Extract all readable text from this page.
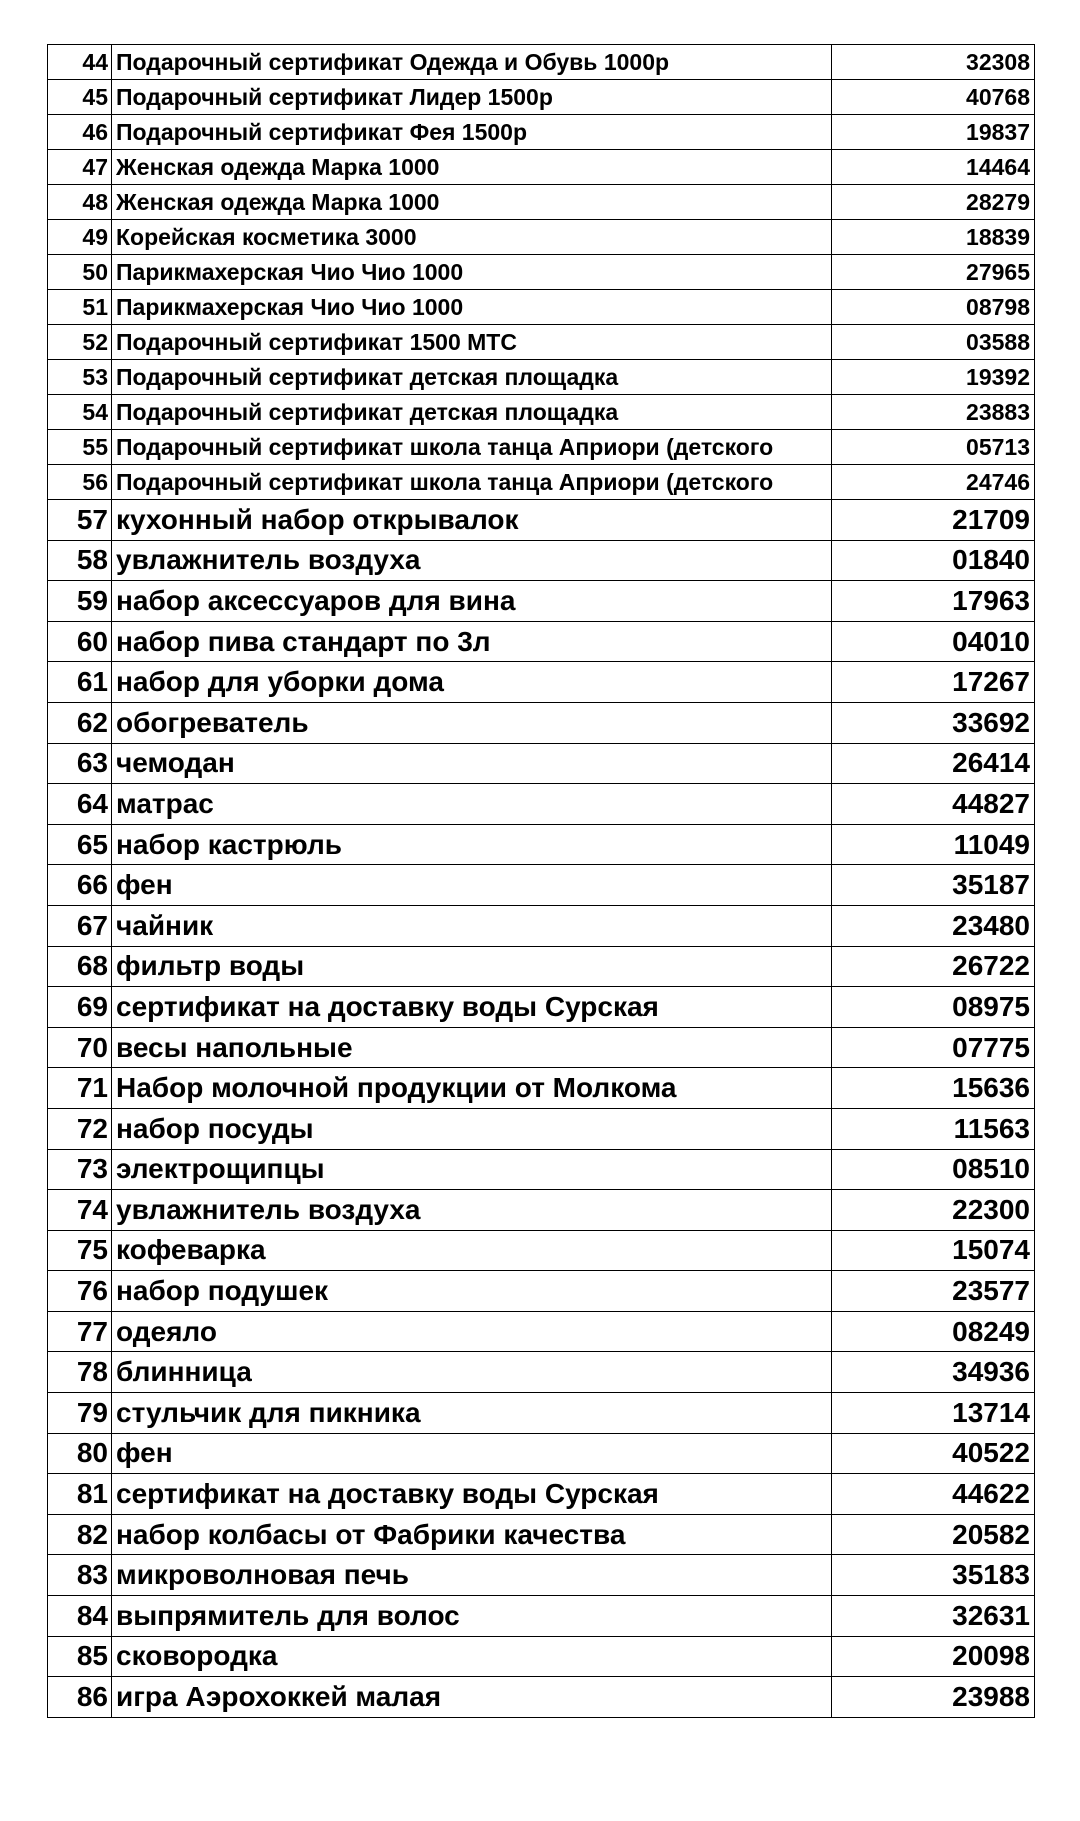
44	Подарочный сертификат Одежда и Обувь 1000р	32308
45	Подарочный сертификат Лидер 1500р	40768
46	Подарочный сертификат Фея 1500р	19837
47	Женская одежда Марка 1000	14464
48	Женская одежда Марка 1000	28279
49	Корейская косметика 3000	18839
50	Парикмахерская Чио Чио 1000	27965
51	Парикмахерская Чио Чио 1000	08798
52	Подарочный сертификат 1500 МТС	03588
53	Подарочный сертификат детская площадка	19392
54	Подарочный сертификат детская площадка	23883
55	Подарочный сертификат школа танца Априори (детского	05713
56	Подарочный сертификат школа танца Априори (детского	24746
57	кухонный набор открывалок	21709
58	увлажнитель воздуха	01840
59	набор аксессуаров для вина	17963
60	набор пива стандарт по 3л	04010
61	набор для уборки дома	17267
62	обогреватель	33692
63	чемодан	26414
64	матрас	44827
65	набор кастрюль	11049
66	фен	35187
67	чайник	23480
68	фильтр воды	26722
69	сертификат на доставку воды Сурская	08975
70	весы напольные	07775
71	Набор молочной продукции от Молкома	15636
72	набор посуды	11563
73	электрощипцы	08510
74	увлажнитель воздуха	22300
75	кофеварка	15074
76	набор подушек	23577
77	одеяло	08249
78	блинница	34936
79	стульчик для пикника	13714
80	фен	40522
81	сертификат на доставку воды Сурская	44622
82	набор колбасы от Фабрики качества	20582
83	микроволновая печь	35183
84	выпрямитель для волос	32631
85	сковородка	20098
86	игра Аэрохоккей малая	23988
